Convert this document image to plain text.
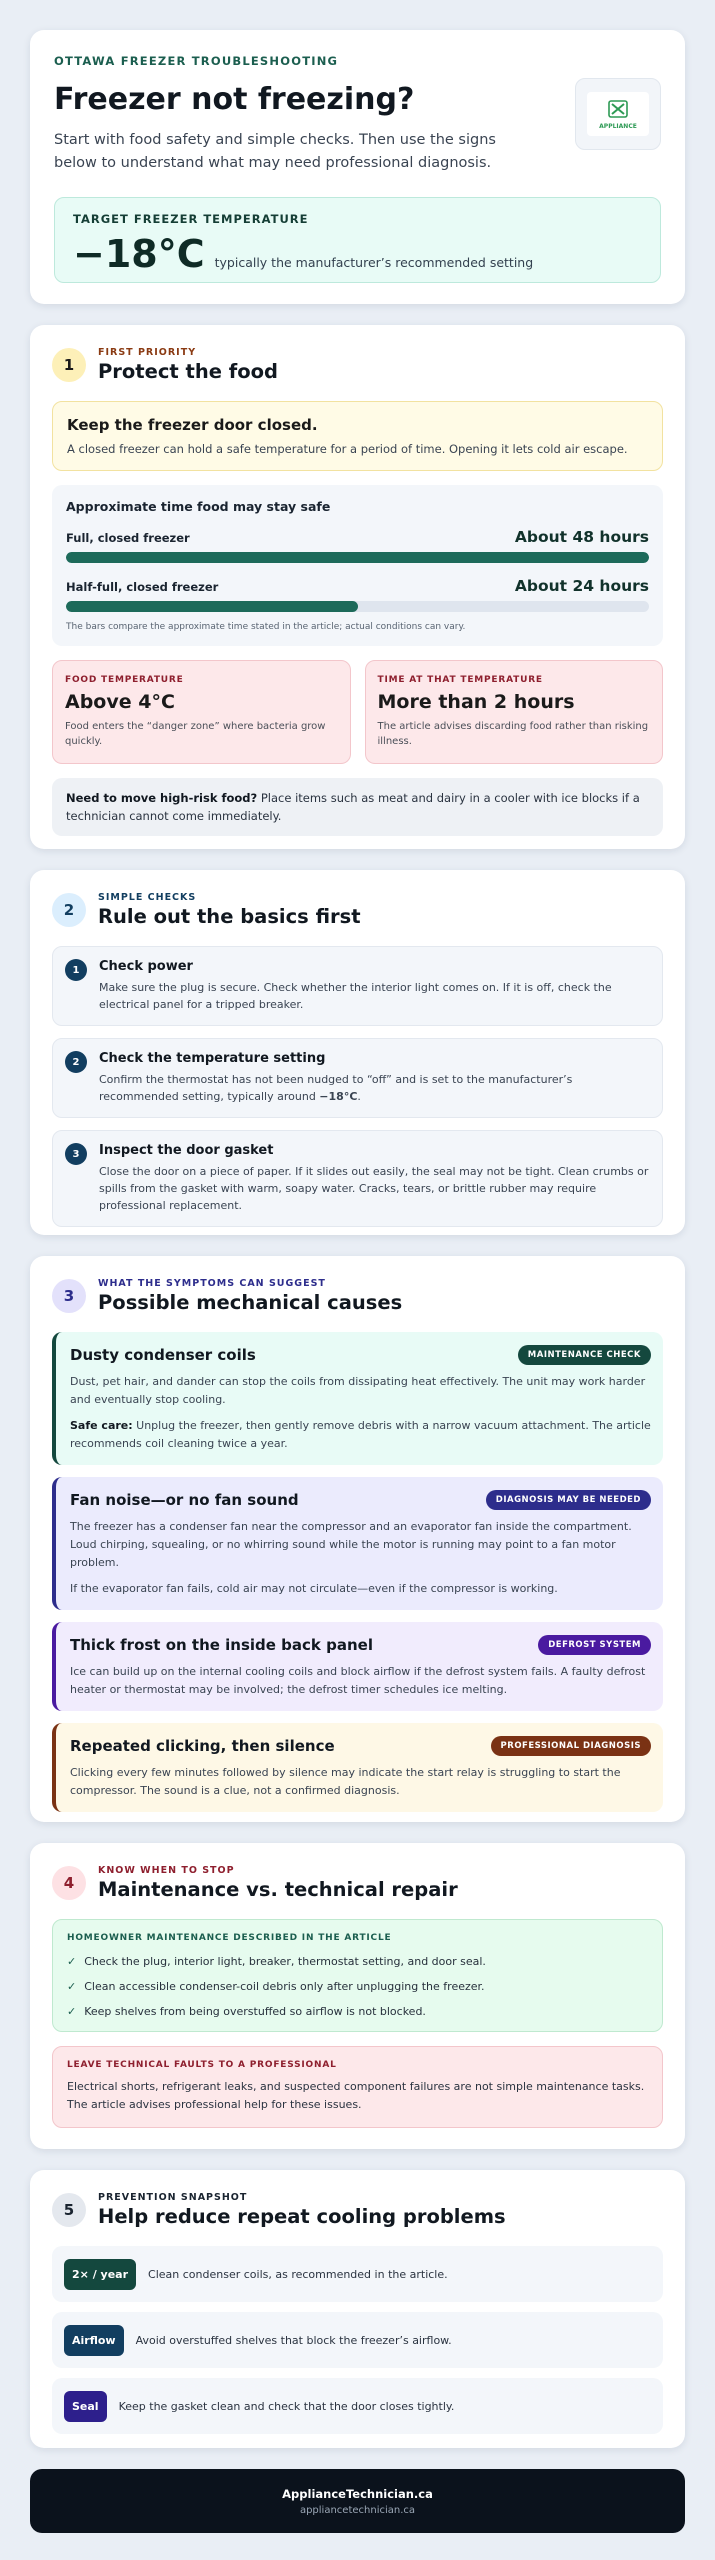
OTTAWA FREEZER TROUBLESHOOTING
Freezer not freezing?
Start with food safety and simple checks. Then use the signs below to understand what may need professional diagnosis.
APPLIANCE
TARGET FREEZER TEMPERATURE
−18°C typically the manufacturer’s recommended setting
1
FIRST PRIORITY
Protect the food
Keep the freezer door closed.
A closed freezer can hold a safe temperature for a period of time. Opening it lets cold air escape.
Approximate time food may stay safe
Full, closed freezer	About 48 hours
Half-full, closed freezer	About 24 hours
The bars compare the approximate time stated in the article; actual conditions can vary.
FOOD TEMPERATURE
Above 4°C
Food enters the “danger zone” where bacteria grow quickly.
TIME AT THAT TEMPERATURE
More than 2 hours
The article advises discarding food rather than risking illness.
Need to move high-risk food? Place items such as meat and dairy in a cooler with ice blocks if a technician cannot come immediately.
2
SIMPLE CHECKS
Rule out the basics first
1	Check power
Make sure the plug is secure. Check whether the interior light comes on. If it is off, check the electrical panel for a tripped breaker.
2	Check the temperature setting
Confirm the thermostat has not been nudged to “off” and is set to the manufacturer’s recommended setting, typically around −18°C.
3	Inspect the door gasket
Close the door on a piece of paper. If it slides out easily, the seal may not be tight. Clean crumbs or spills from the gasket with warm, soapy water. Cracks, tears, or brittle rubber may require professional replacement.
3
WHAT THE SYMPTOMS CAN SUGGEST
Possible mechanical causes
Dusty condenser coils	MAINTENANCE CHECK
Dust, pet hair, and dander can stop the coils from dissipating heat effectively. The unit may work harder and eventually stop cooling.
Safe care: Unplug the freezer, then gently remove debris with a narrow vacuum attachment. The article recommends coil cleaning twice a year.
Fan noise—or no fan sound	DIAGNOSIS MAY BE NEEDED
The freezer has a condenser fan near the compressor and an evaporator fan inside the compartment. Loud chirping, squealing, or no whirring sound while the motor is running may point to a fan motor problem.
If the evaporator fan fails, cold air may not circulate—even if the compressor is working.
Thick frost on the inside back panel	DEFROST SYSTEM
Ice can build up on the internal cooling coils and block airflow if the defrost system fails. A faulty defrost heater or thermostat may be involved; the defrost timer schedules ice melting.
Repeated clicking, then silence	PROFESSIONAL DIAGNOSIS
Clicking every few minutes followed by silence may indicate the start relay is struggling to start the compressor. The sound is a clue, not a confirmed diagnosis.
4
KNOW WHEN TO STOP
Maintenance vs. technical repair
HOMEOWNER MAINTENANCE DESCRIBED IN THE ARTICLE
✓ Check the plug, interior light, breaker, thermostat setting, and door seal.
✓ Clean accessible condenser-coil debris only after unplugging the freezer.
✓ Keep shelves from being overstuffed so airflow is not blocked.
LEAVE TECHNICAL FAULTS TO A PROFESSIONAL
Electrical shorts, refrigerant leaks, and suspected component failures are not simple maintenance tasks. The article advises professional help for these issues.
5
PREVENTION SNAPSHOT
Help reduce repeat cooling problems
2× / year	Clean condenser coils, as recommended in the article.
Airflow	Avoid overstuffed shelves that block the freezer’s airflow.
Seal	Keep the gasket clean and check that the door closes tightly.
ApplianceTechnician.ca
appliancetechnician.ca
